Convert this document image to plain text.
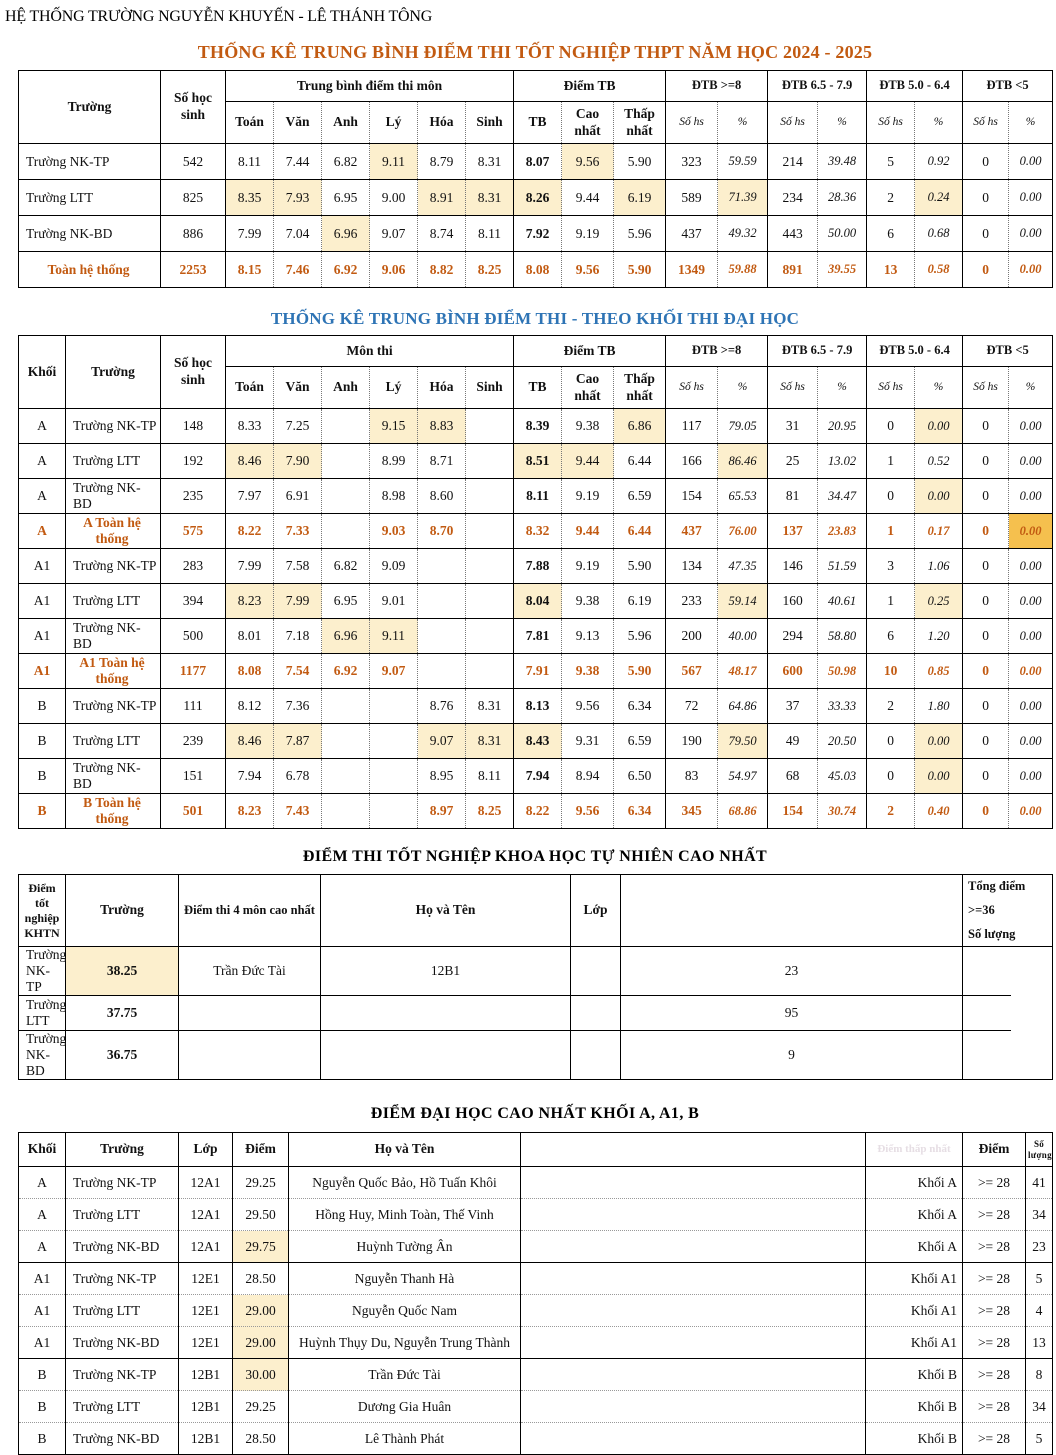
HỆ THỐNG TRƯỜNG NGUYỄN KHUYẾN - LÊ THÁNH TÔNG
THỐNG KÊ TRUNG BÌNH ĐIỂM THI TỐT NGHIỆP THPT NĂM HỌC 2024 - 2025
Trường	Số học sinh	Trung bình điểm thi môn						Điểm TB			ĐTB >=8		ĐTB 6.5 - 7.9		ĐTB 5.0 - 6.4		ĐTB <5	
		Toán	Văn	Anh	Lý	Hóa	Sinh	TB	Cao nhất	Thấp nhất	Số hs	%	Số hs	%	Số hs	%	Số hs	%
Trường NK-TP	542	8.11	7.44	6.82	9.11	8.79	8.31	8.07	9.56	5.90	323	59.59	214	39.48	5	0.92	0	0.00
Trường LTT	825	8.35	7.93	6.95	9.00	8.91	8.31	8.26	9.44	6.19	589	71.39	234	28.36	2	0.24	0	0.00
Trường NK-BD	886	7.99	7.04	6.96	9.07	8.74	8.11	7.92	9.19	5.96	437	49.32	443	50.00	6	0.68	0	0.00
Toàn hệ thống	2253	8.15	7.46	6.92	9.06	8.82	8.25	8.08	9.56	5.90	1349	59.88	891	39.55	13	0.58	0	0.00
THỐNG KÊ TRUNG BÌNH ĐIỂM THI - THEO KHỐI THI ĐẠI HỌC
Khối	Trường	Số học sinh	Môn thi						Điểm TB			ĐTB >=8		ĐTB 6.5 - 7.9		ĐTB 5.0 - 6.4		ĐTB <5	
			Toán	Văn	Anh	Lý	Hóa	Sinh	TB	Cao nhất	Thấp nhất	Số hs	%	Số hs	%	Số hs	%	Số hs	%
A	Trường NK-TP	148	8.33	7.25		9.15	8.83		8.39	9.38	6.86	117	79.05	31	20.95	0	0.00	0	0.00
A	Trường LTT	192	8.46	7.90		8.99	8.71		8.51	9.44	6.44	166	86.46	25	13.02	1	0.52	0	0.00
A	Trường NK-BD	235	7.97	6.91		8.98	8.60		8.11	9.19	6.59	154	65.53	81	34.47	0	0.00	0	0.00
A	A Toàn hệ thống	575	8.22	7.33		9.03	8.70		8.32	9.44	6.44	437	76.00	137	23.83	1	0.17	0	0.00
A1	Trường NK-TP	283	7.99	7.58	6.82	9.09			7.88	9.19	5.90	134	47.35	146	51.59	3	1.06	0	0.00
A1	Trường LTT	394	8.23	7.99	6.95	9.01			8.04	9.38	6.19	233	59.14	160	40.61	1	0.25	0	0.00
A1	Trường NK-BD	500	8.01	7.18	6.96	9.11			7.81	9.13	5.96	200	40.00	294	58.80	6	1.20	0	0.00
A1	A1 Toàn hệ thống	1177	8.08	7.54	6.92	9.07			7.91	9.38	5.90	567	48.17	600	50.98	10	0.85	0	0.00
B	Trường NK-TP	111	8.12	7.36			8.76	8.31	8.13	9.56	6.34	72	64.86	37	33.33	2	1.80	0	0.00
B	Trường LTT	239	8.46	7.87			9.07	8.31	8.43	9.31	6.59	190	79.50	49	20.50	0	0.00	0	0.00
B	Trường NK-BD	151	7.94	6.78			8.95	8.11	7.94	8.94	6.50	83	54.97	68	45.03	0	0.00	0	0.00
B	B Toàn hệ thống	501	8.23	7.43			8.97	8.25	8.22	9.56	6.34	345	68.86	154	30.74	2	0.40	0	0.00
ĐIỂM THI TỐT NGHIỆP KHOA HỌC TỰ NHIÊN CAO NHẤT
Điểm tốt nghiệp KHTN	Trường	Điểm thi 4 môn cao nhất	Họ và Tên	Lớp		Tổng điểm >=36
Số lượng
Trường NK-TP	38.25	Trần Đức Tài	12B1		23	
Trường LTT	37.75				95	
Trường NK-BD	36.75				9	
ĐIỂM ĐẠI HỌC CAO NHẤT KHỐI A, A1, B
Khối	Trường	Lớp	Điểm	Họ và Tên		Điểm thấp nhất	Điểm	Số lượng
A	Trường NK-TP	12A1	29.25	Nguyễn Quốc Bảo, Hồ Tuấn Khôi		Khối A	>= 28	41
A	Trường LTT	12A1	29.50	Hồng Huy, Minh Toàn, Thế Vinh		Khối A	>= 28	34
A	Trường NK-BD	12A1	29.75	Huỳnh Tường Ân		Khối A	>= 28	23
A1	Trường NK-TP	12E1	28.50	Nguyễn Thanh Hà		Khối A1	>= 28	5
A1	Trường LTT	12E1	29.00	Nguyễn Quốc Nam		Khối A1	>= 28	4
A1	Trường NK-BD	12E1	29.00	Huỳnh Thụy Du, Nguyễn Trung Thành		Khối A1	>= 28	13
B	Trường NK-TP	12B1	30.00	Trần Đức Tài		Khối B	>= 28	8
B	Trường LTT	12B1	29.25	Dương Gia Huân		Khối B	>= 28	34
B	Trường NK-BD	12B1	28.50	Lê Thành Phát		Khối B	>= 28	5
